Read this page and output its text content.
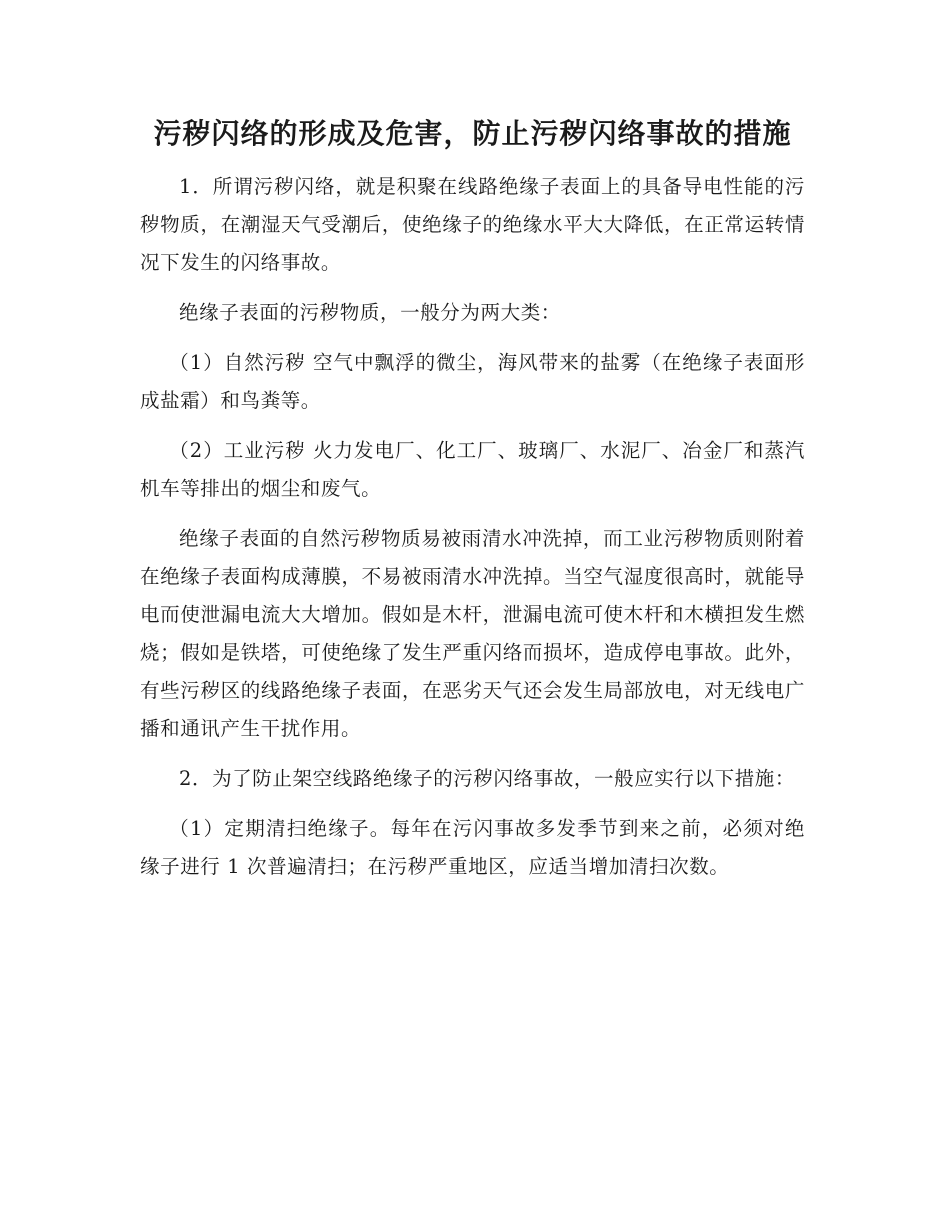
污秽闪络的形成及危害，防止污秽闪络事故的措施

1．所谓污秽闪络，就是积聚在线路绝缘子表面上的具备导电性能的污秽物质，在潮湿天气受潮后，使绝缘子的绝缘水平大大降低，在正常运转情况下发生的闪络事故。

绝缘子表面的污秽物质，一般分为两大类：

（1）自然污秽 空气中飘浮的微尘，海风带来的盐雾（在绝缘子表面形成盐霜）和鸟粪等。

（2）工业污秽 火力发电厂、化工厂、玻璃厂、水泥厂、冶金厂和蒸汽机车等排出的烟尘和废气。

绝缘子表面的自然污秽物质易被雨清水冲洗掉，而工业污秽物质则附着在绝缘子表面构成薄膜，不易被雨清水冲洗掉。当空气湿度很高时，就能导电而使泄漏电流大大增加。假如是木杆，泄漏电流可使木杆和木横担发生燃烧；假如是铁塔，可使绝缘了发生严重闪络而损坏，造成停电事故。此外，有些污秽区的线路绝缘子表面，在恶劣天气还会发生局部放电，对无线电广播和通讯产生干扰作用。

2．为了防止架空线路绝缘子的污秽闪络事故，一般应实行以下措施：

（1）定期清扫绝缘子。每年在污闪事故多发季节到来之前，必须对绝缘子进行 1 次普遍清扫；在污秽严重地区，应适当增加清扫次数。
